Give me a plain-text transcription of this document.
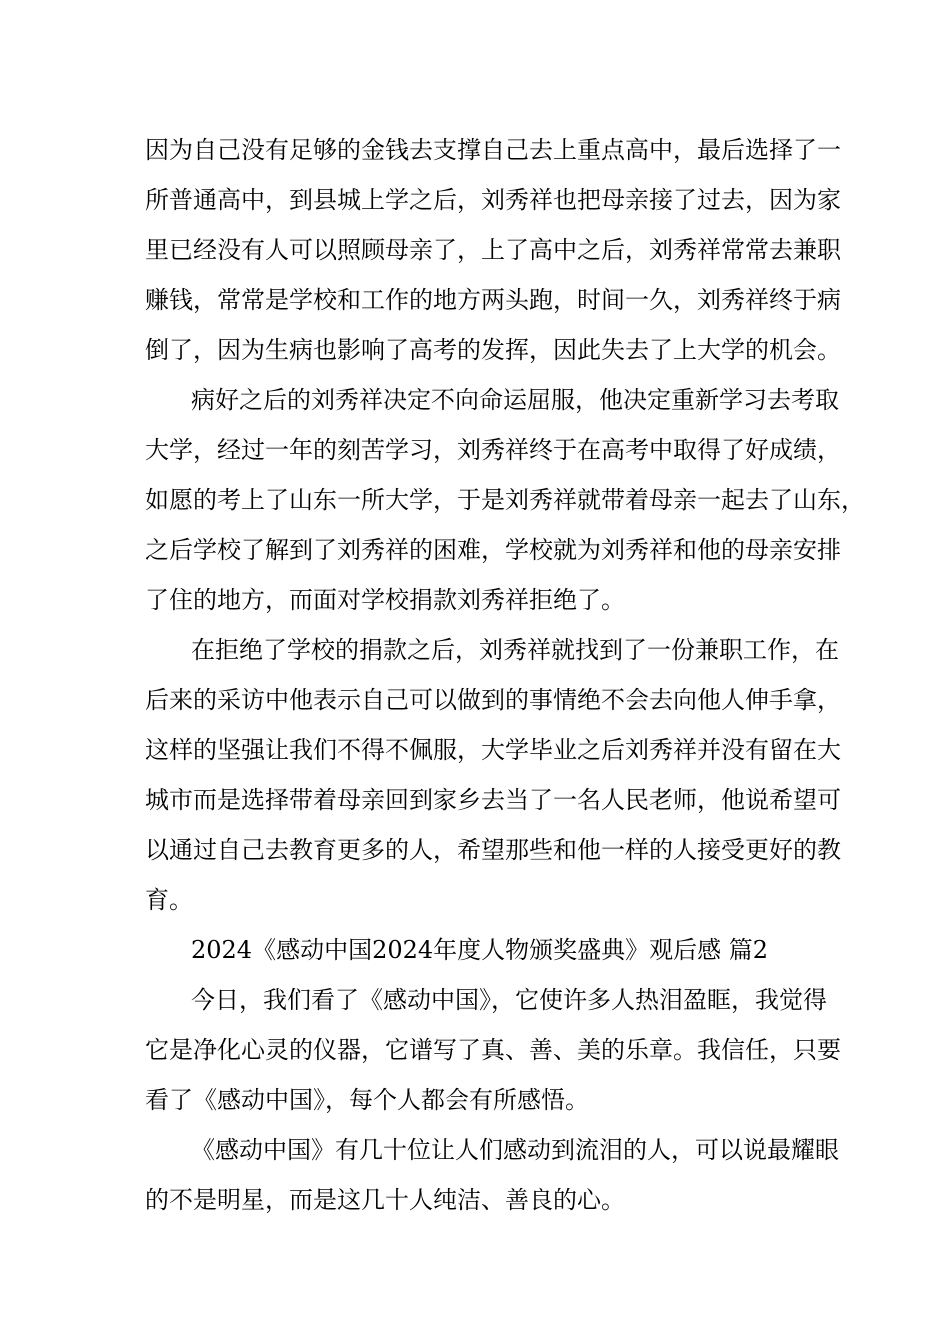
因为自己没有足够的金钱去支撑自己去上重点高中，最后选择了一
所普通高中，到县城上学之后，刘秀祥也把母亲接了过去，因为家
里已经没有人可以照顾母亲了，上了高中之后，刘秀祥常常去兼职
赚钱，常常是学校和工作的地方两头跑，时间一久，刘秀祥终于病
倒了，因为生病也影响了高考的发挥，因此失去了上大学的机会。
病好之后的刘秀祥决定不向命运屈服，他决定重新学习去考取
大学，经过一年的刻苦学习，刘秀祥终于在高考中取得了好成绩，
如愿的考上了山东一所大学，于是刘秀祥就带着母亲一起去了山东，
之后学校了解到了刘秀祥的困难，学校就为刘秀祥和他的母亲安排
了住的地方，而面对学校捐款刘秀祥拒绝了。
在拒绝了学校的捐款之后，刘秀祥就找到了一份兼职工作，在
后来的采访中他表示自己可以做到的事情绝不会去向他人伸手拿，
这样的坚强让我们不得不佩服，大学毕业之后刘秀祥并没有留在大
城市而是选择带着母亲回到家乡去当了一名人民老师，他说希望可
以通过自己去教育更多的人，希望那些和他一样的人接受更好的教
育。
2024《感动中国2024年度人物颁奖盛典》观后感 篇2
今日，我们看了《感动中国》，它使许多人热泪盈眶，我觉得
它是净化心灵的仪器，它谱写了真、善、美的乐章。我信任，只要
看了《感动中国》，每个人都会有所感悟。
《感动中国》有几十位让人们感动到流泪的人，可以说最耀眼
的不是明星，而是这几十人纯洁、善良的心。
